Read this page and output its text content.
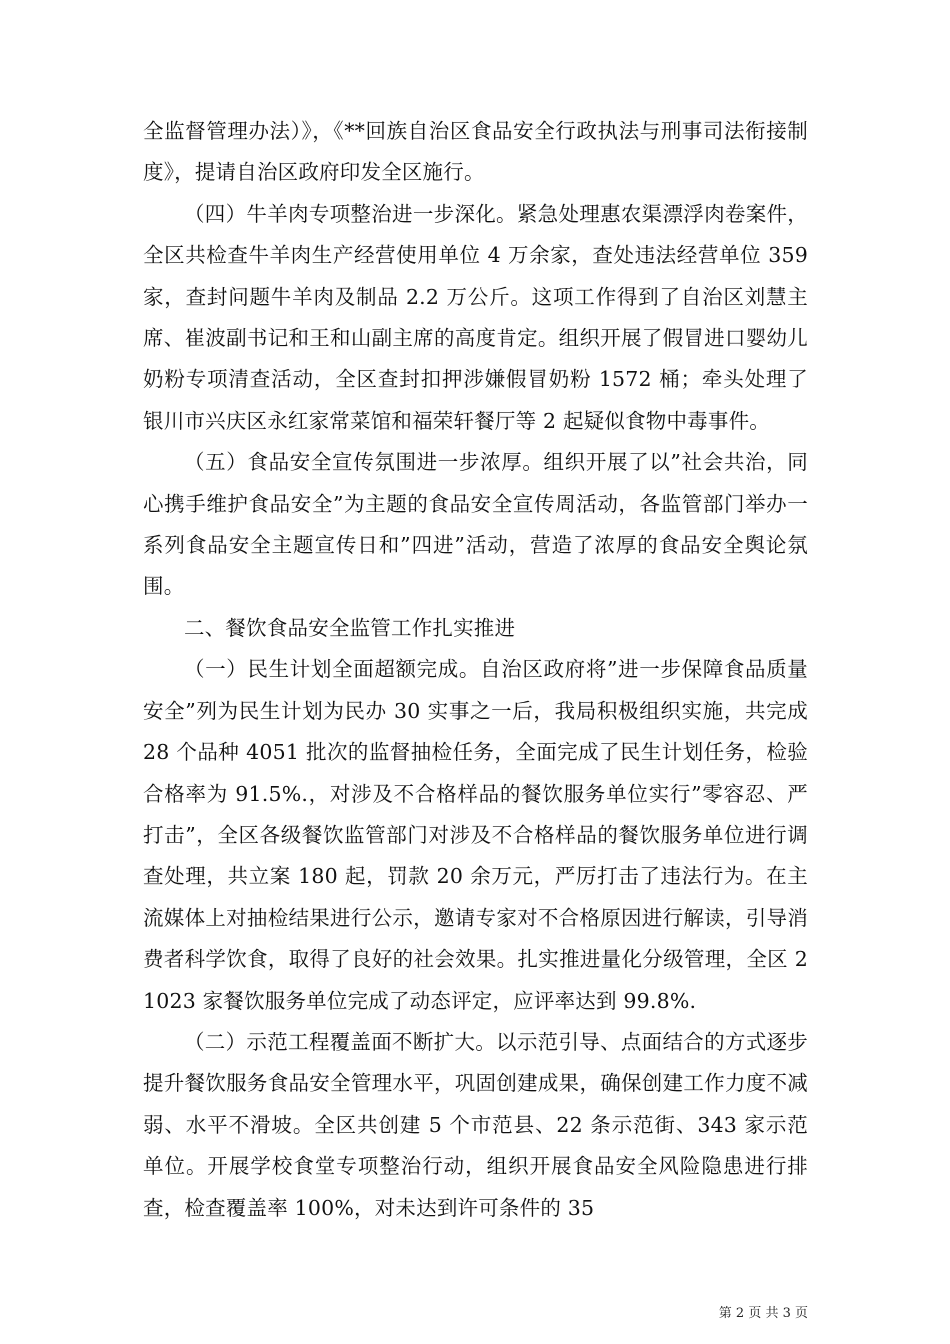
全监督管理办法）》，《**回族自治区食品安全行政执法与刑事司法衔接制度》，提请自治区政府印发全区施行。

（四）牛羊肉专项整治进一步深化。紧急处理惠农渠漂浮肉卷案件，全区共检查牛羊肉生产经营使用单位 4 万余家，查处违法经营单位 359 家，查封问题牛羊肉及制品 2.2 万公斤。这项工作得到了自治区刘慧主席、崔波副书记和王和山副主席的高度肯定。组织开展了假冒进口婴幼儿奶粉专项清查活动，全区查封扣押涉嫌假冒奶粉 1572 桶；牵头处理了银川市兴庆区永红家常菜馆和福荣轩餐厅等 2 起疑似食物中毒事件。

（五）食品安全宣传氛围进一步浓厚。组织开展了以”社会共治，同心携手维护食品安全”为主题的食品安全宣传周活动，各监管部门举办一系列食品安全主题宣传日和”四进”活动，营造了浓厚的食品安全舆论氛围。

二、餐饮食品安全监管工作扎实推进

（一）民生计划全面超额完成。自治区政府将”进一步保障食品质量安全”列为民生计划为民办 30 实事之一后，我局积极组织实施，共完成 28 个品种 4051 批次的监督抽检任务，全面完成了民生计划任务，检验合格率为 91.5%.，对涉及不合格样品的餐饮服务单位实行”零容忍、严打击”，全区各级餐饮监管部门对涉及不合格样品的餐饮服务单位进行调查处理，共立案 180 起，罚款 20 余万元，严厉打击了违法行为。在主流媒体上对抽检结果进行公示，邀请专家对不合格原因进行解读，引导消费者科学饮食，取得了良好的社会效果。扎实推进量化分级管理，全区 21023 家餐饮服务单位完成了动态评定，应评率达到 99.8%.

（二）示范工程覆盖面不断扩大。以示范引导、点面结合的方式逐步提升餐饮服务食品安全管理水平，巩固创建成果，确保创建工作力度不减弱、水平不滑坡。全区共创建 5 个市范县、22 条示范街、343 家示范单位。开展学校食堂专项整治行动，组织开展食品安全风险隐患进行排查，检查覆盖率 100%，对未达到许可条件的 35

第 2 页 共 3 页
